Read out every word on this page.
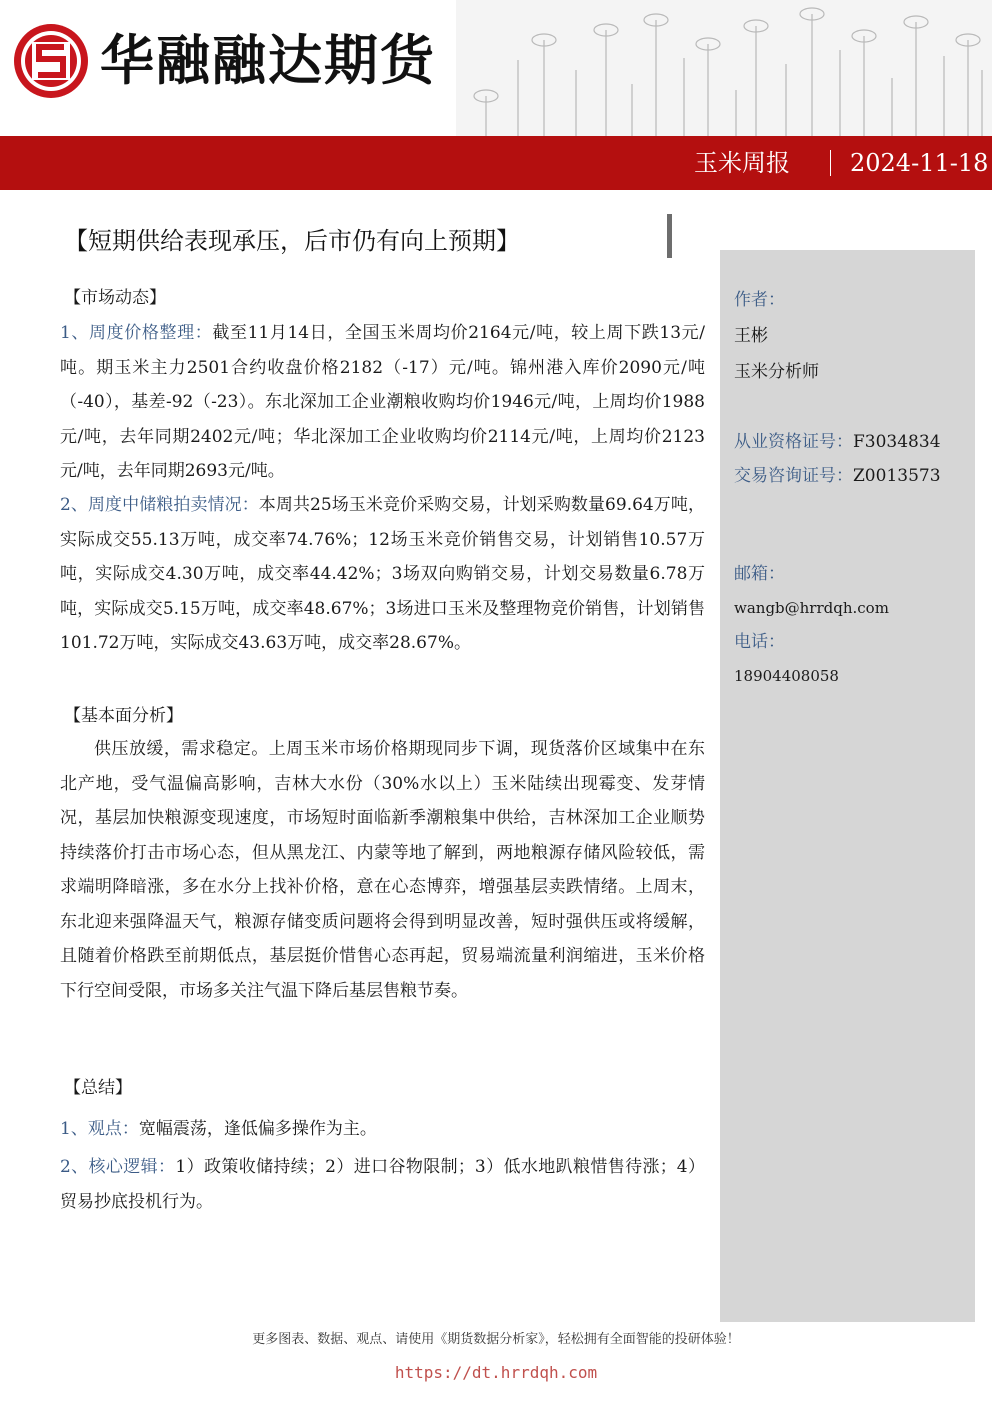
华融融达期货
玉米周报	2024-11-18
【短期供给表现承压，后市仍有向上预期】
作者：
王彬
玉米分析师
从业资格证号：F3034834
交易咨询证号：Z0013573
邮箱：
wangb@hrrdqh.com
电话：
18904408058
【市场动态】

1、周度价格整理：截至11月14日，全国玉米周均价2164元/吨，较上周下跌13元/吨。期玉米主力2501合约收盘价格2182（-17）元/吨。锦州港入库价2090元/吨（-40），基差-92（-23）。东北深加工企业潮粮收购均价1946元/吨，上周均价1988元/吨，去年同期2402元/吨；华北深加工企业收购均价2114元/吨，上周均价2123元/吨，去年同期2693元/吨。

2、周度中储粮拍卖情况：本周共25场玉米竞价采购交易，计划采购数量69.64万吨，实际成交55.13万吨，成交率74.76%；12场玉米竞价销售交易，计划销售10.57万吨，实际成交4.30万吨，成交率44.42%；3场双向购销交易，计划交易数量6.78万吨，实际成交5.15万吨，成交率48.67%；3场进口玉米及整理物竞价销售，计划销售101.72万吨，实际成交43.63万吨，成交率28.67%。

【基本面分析】

供压放缓，需求稳定。上周玉米市场价格期现同步下调，现货落价区域集中在东北产地，受气温偏高影响，吉林大水份（30%水以上）玉米陆续出现霉变、发芽情况，基层加快粮源变现速度，市场短时面临新季潮粮集中供给，吉林深加工企业顺势持续落价打击市场心态，但从黑龙江、内蒙等地了解到，两地粮源存储风险较低，需求端明降暗涨，多在水分上找补价格，意在心态博弈，增强基层卖跌情绪。上周末，东北迎来强降温天气，粮源存储变质问题将会得到明显改善，短时强供压或将缓解，且随着价格跌至前期低点，基层挺价惜售心态再起，贸易端流量利润缩进，玉米价格下行空间受限，市场多关注气温下降后基层售粮节奏。

【总结】

1、观点：宽幅震荡，逢低偏多操作为主。

2、核心逻辑：1）政策收储持续；2）进口谷物限制；3）低水地趴粮惜售待涨；4）贸易抄底投机行为。

更多图表、数据、观点、请使用《期货数据分析家》，轻松拥有全面智能的投研体验！
https://dt.hrrdqh.com
